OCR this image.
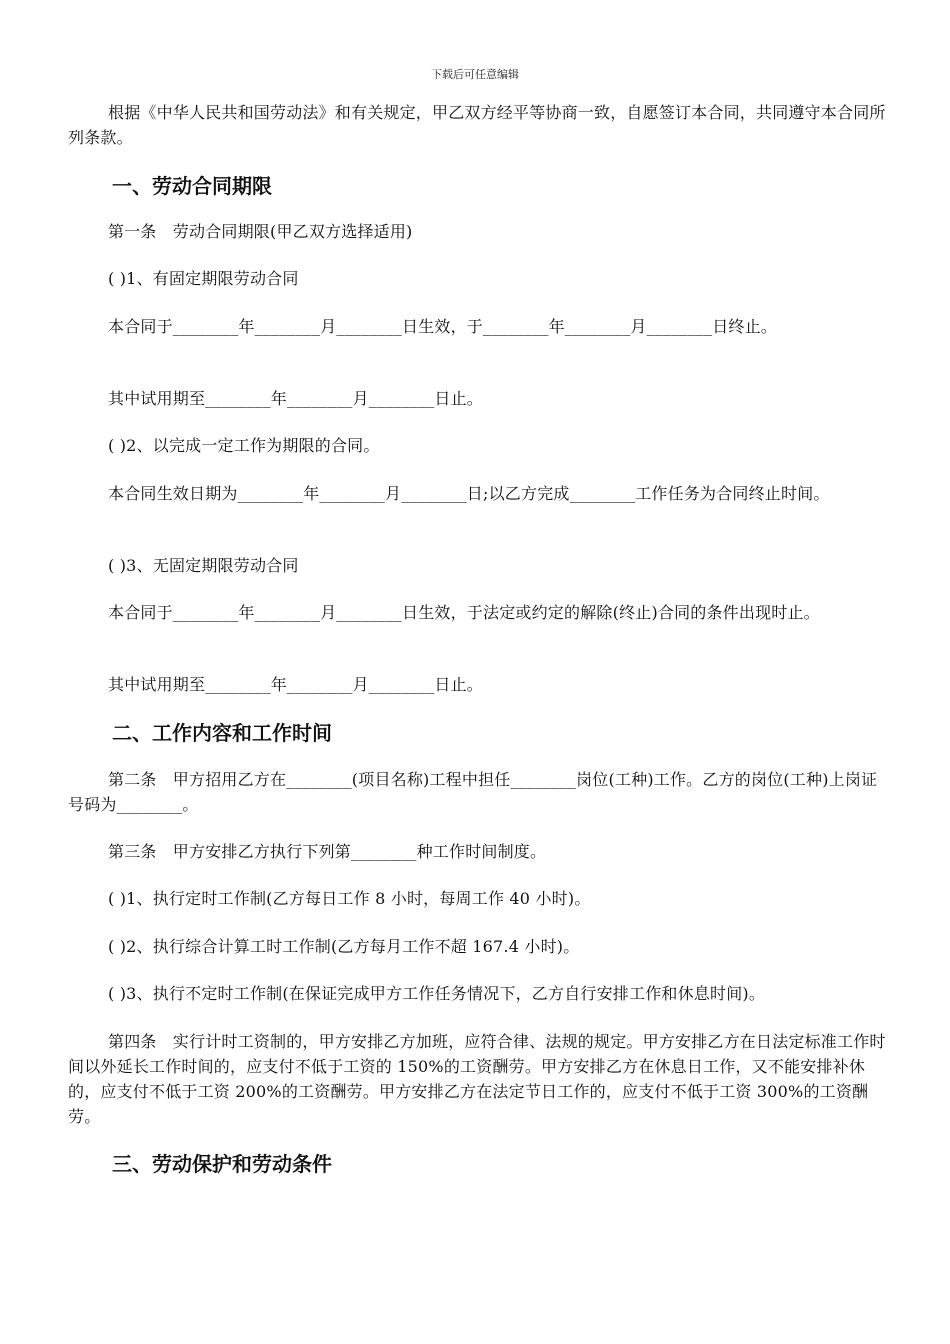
下载后可任意编辑

根据《中华人民共和国劳动法》和有关规定，甲乙双方经平等协商一致，自愿签订本合同，共同遵守本合同所列条款。

一、劳动合同期限

第一条　劳动合同期限(甲乙双方选择适用)

( )1、有固定期限劳动合同

本合同于________年________月________日生效，于________年________月________日终止。

其中试用期至________年________月________日止。

( )2、以完成一定工作为期限的合同。

本合同生效日期为________年________月________日;以乙方完成________工作任务为合同终止时间。

( )3、无固定期限劳动合同

本合同于________年________月________日生效，于法定或约定的解除(终止)合同的条件出现时止。

其中试用期至________年________月________日止。

二、工作内容和工作时间

第二条　甲方招用乙方在________(项目名称)工程中担任________岗位(工种)工作。乙方的岗位(工种)上岗证号码为________。

第三条　甲方安排乙方执行下列第________种工作时间制度。

( )1、执行定时工作制(乙方每日工作 8 小时，每周工作 40 小时)。

( )2、执行综合计算工时工作制(乙方每月工作不超 167.4 小时)。

( )3、执行不定时工作制(在保证完成甲方工作任务情况下，乙方自行安排工作和休息时间)。

第四条　实行计时工资制的，甲方安排乙方加班，应符合律、法规的规定。甲方安排乙方在日法定标准工作时间以外延长工作时间的，应支付不低于工资的 150%的工资酬劳。甲方安排乙方在休息日工作，又不能安排补休的，应支付不低于工资 200%的工资酬劳。甲方安排乙方在法定节日工作的，应支付不低于工资 300%的工资酬劳。

三、劳动保护和劳动条件
